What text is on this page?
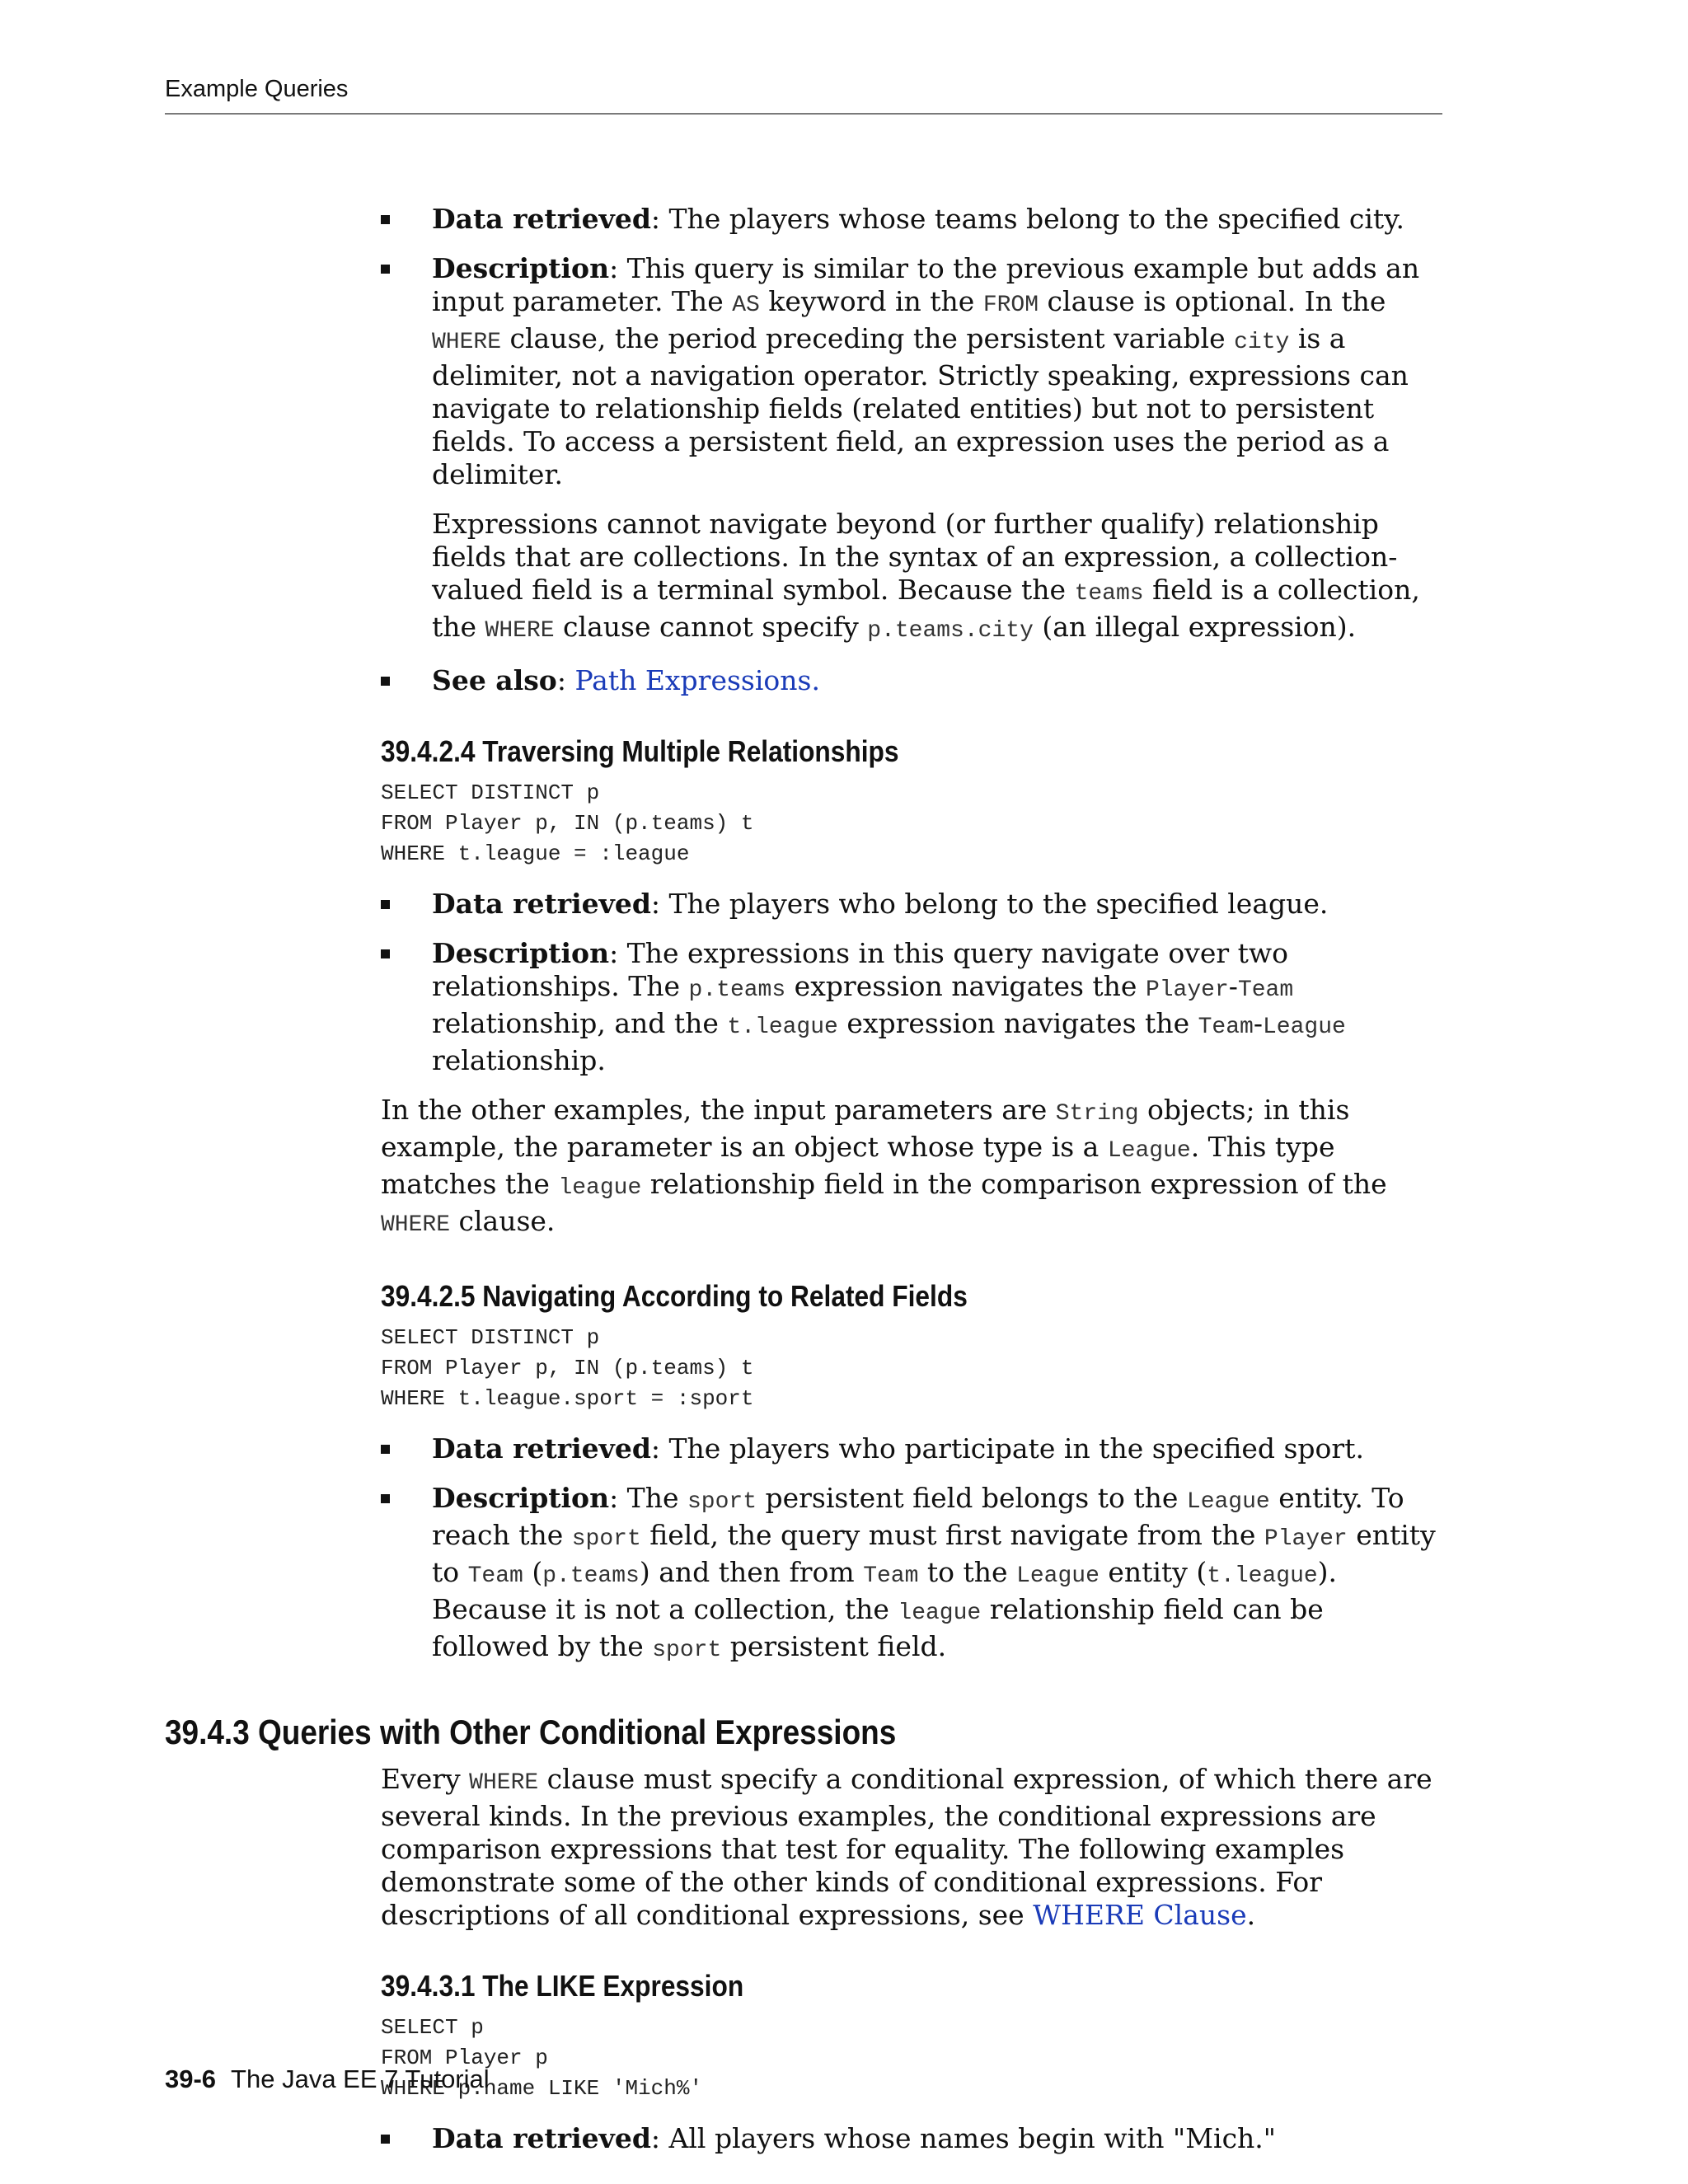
Example Queries
Data retrieved: The players whose teams belong to the specified city.
Description: This query is similar to the previous example but adds an input parameter. The AS keyword in the FROM clause is optional. In the WHERE clause, the period preceding the persistent variable city is a delimiter, not a navigation operator. Strictly speaking, expressions can navigate to relationship fields (related entities) but not to persistent fields. To access a persistent field, an expression uses the period as a delimiter.
Expressions cannot navigate beyond (or further qualify) relationship fields that are collections. In the syntax of an expression, a collection-valued field is a terminal symbol. Because the teams field is a collection, the WHERE clause cannot specify p.teams.city (an illegal expression).
See also: Path Expressions.
39.4.2.4 Traversing Multiple Relationships
SELECT DISTINCT p
FROM Player p, IN (p.teams) t
WHERE t.league = :league
Data retrieved: The players who belong to the specified league.
Description: The expressions in this query navigate over two relationships. The p.teams expression navigates the Player-Team relationship, and the t.league expression navigates the Team-League relationship.

In the other examples, the input parameters are String objects; in this example, the parameter is an object whose type is a League. This type matches the league relationship field in the comparison expression of the WHERE clause.

39.4.2.5 Navigating According to Related Fields
SELECT DISTINCT p
FROM Player p, IN (p.teams) t
WHERE t.league.sport = :sport
Data retrieved: The players who participate in the specified sport.
Description: The sport persistent field belongs to the League entity. To reach the sport field, the query must first navigate from the Player entity to Team (p.teams) and then from Team to the League entity (t.league). Because it is not a collection, the league relationship field can be followed by the sport persistent field.
39.4.3 Queries with Other Conditional Expressions

Every WHERE clause must specify a conditional expression, of which there are several kinds. In the previous examples, the conditional expressions are comparison expressions that test for equality. The following examples demonstrate some of the other kinds of conditional expressions. For descriptions of all conditional expressions, see WHERE Clause.

39.4.3.1 The LIKE Expression
SELECT p
FROM Player p
WHERE p.name LIKE 'Mich%'
Data retrieved: All players whose names begin with "Mich."
39-6 The Java EE 7 Tutorial
